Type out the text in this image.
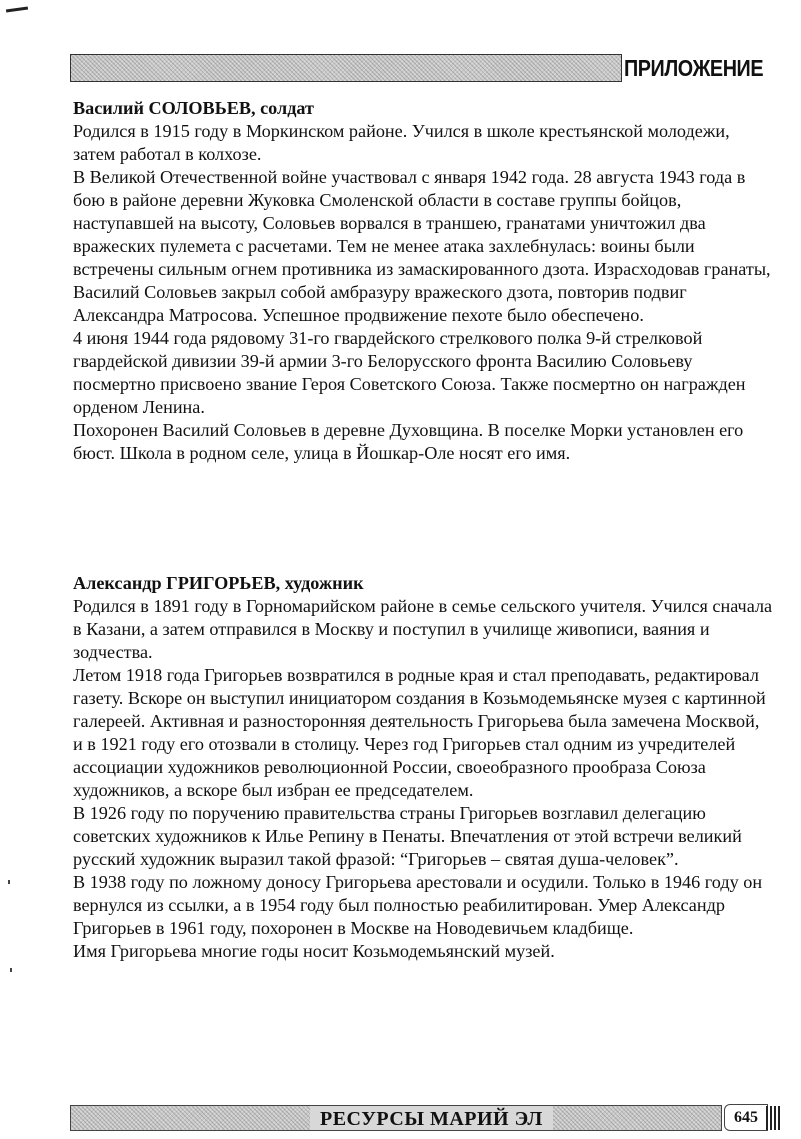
ПРИЛОЖЕНИЕ
Василий СОЛОВЬЕВ, солдат

Родился в 1915 году в Моркинском районе. Учился в школе крестьянской молодежи, затем работал в колхозе.

В Великой Отечественной войне участвовал с января 1942 года. 28 августа 1943 года в бою в районе деревни Жуковка Смоленской области в составе группы бойцов, наступавшей на высоту, Соловьев ворвался в траншею, гранатами уничтожил два вражеских пулемета с расчетами. Тем не менее атака захлебнулась: воины были встречены сильным огнем противника из замаскированного дзота. Израсходовав гранаты, Василий Соловьев закрыл собой амбразуру вражеского дзота, повторив подвиг Александра Матросова. Успешное продвижение пехоте было обеспечено.

4 июня 1944 года рядовому 31-го гвардейского стрелкового полка 9-й стрелковой гвардейской дивизии 39-й армии 3-го Белорусского фронта Василию Соловьеву посмертно присвоено звание Героя Советского Союза. Также посмертно он награжден орденом Ленина.

Похоронен Василий Соловьев в деревне Духовщина. В поселке Морки установлен его бюст. Школа в родном селе, улица в Йошкар-Оле носят его имя.

Александр ГРИГОРЬЕВ, художник

Родился в 1891 году в Горномарийском районе в семье сельского учителя. Учился сначала в Казани, а затем отправился в Москву и поступил в училище живописи, ваяния и зодчества.

Летом 1918 года Григорьев возвратился в родные края и стал преподавать, редактировал газету. Вскоре он выступил инициатором создания в Козьмодемьянске музея с картинной галереей. Активная и разносторонняя деятельность Григорьева была замечена Москвой, и в 1921 году его отозвали в столицу. Через год Григорьев стал одним из учредителей ассоциации художников революционной России, своеобразного прообраза Союза художников, а вскоре был избран ее председателем.

В 1926 году по поручению правительства страны Григорьев возглавил делегацию советских художников к Илье Репину в Пенаты. Впечатления от этой встречи великий русский художник выразил такой фразой: “Григорьев – святая душа-человек”.

В 1938 году по ложному доносу Григорьева арестовали и осудили. Только в 1946 году он вернулся из ссылки, а в 1954 году был полностью реабилитирован. Умер Александр Григорьев в 1961 году, похоронен в Москве на Новодевичьем кладбище.

Имя Григорьева многие годы носит Козьмодемьянский музей.

РЕСУРСЫ МАРИЙ ЭЛ	645
